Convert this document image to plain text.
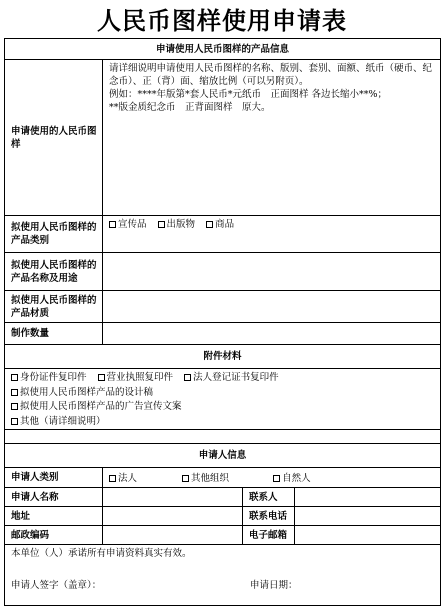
人民币图样使用申请表
申请使用人民币图样的产品信息			
申请使用的人民币图样	请详细说明申请使用人民币图样的名称、版别、套别、面额、纸币（硬币、纪念币）、正（背）面、缩放比例（可以另附页）。
例如：****年版第*套人民币*元纸币　正面图样 各边长缩小**%；
**版金质纪念币　正背面图样　原大。		

拟使用人民币图样的产品类别	宣传品 出版物 商品		
拟使用人民币图样的产品名称及用途			
拟使用人民币图样的产品材质			
制作数量			
附件材料			

身份证件复印件 营业执照复印件 法人登记证书复印件
拟使用人民币图样产品的设计稿
拟使用人民币图样产品的广告宣传文案
其他（请详细说明）			

申请人信息			
申请人类别	法人 其他组织 自然人		
申请人名称		联系人	
地址		联系电话	
邮政编码		电子邮箱	

本单位（人）承诺所有申请资料真实有效。
申请人签字（盖章）： 申请日期：			
